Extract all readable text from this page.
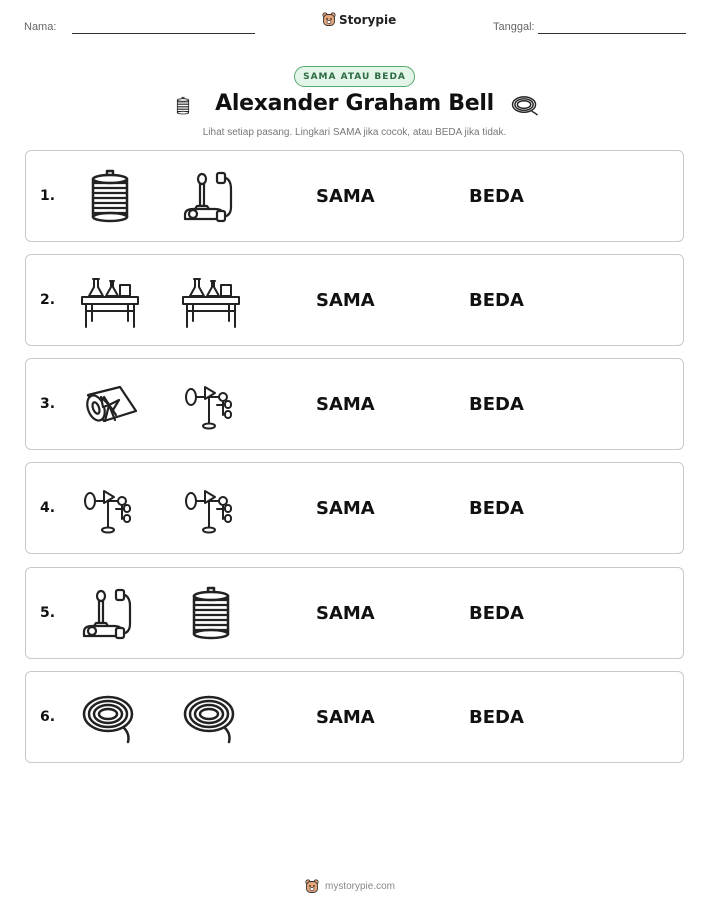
Nama:
Storypie
Tanggal:
SAMA ATAU BEDA
Alexander Graham Bell
Lihat setiap pasang. Lingkari SAMA jika cocok, atau BEDA jika tidak.
1.	SAMA	BEDA
2.	SAMA	BEDA
3.	SAMA	BEDA
4.	SAMA	BEDA
5.	SAMA	BEDA
6.	SAMA	BEDA
mystorypie.com
